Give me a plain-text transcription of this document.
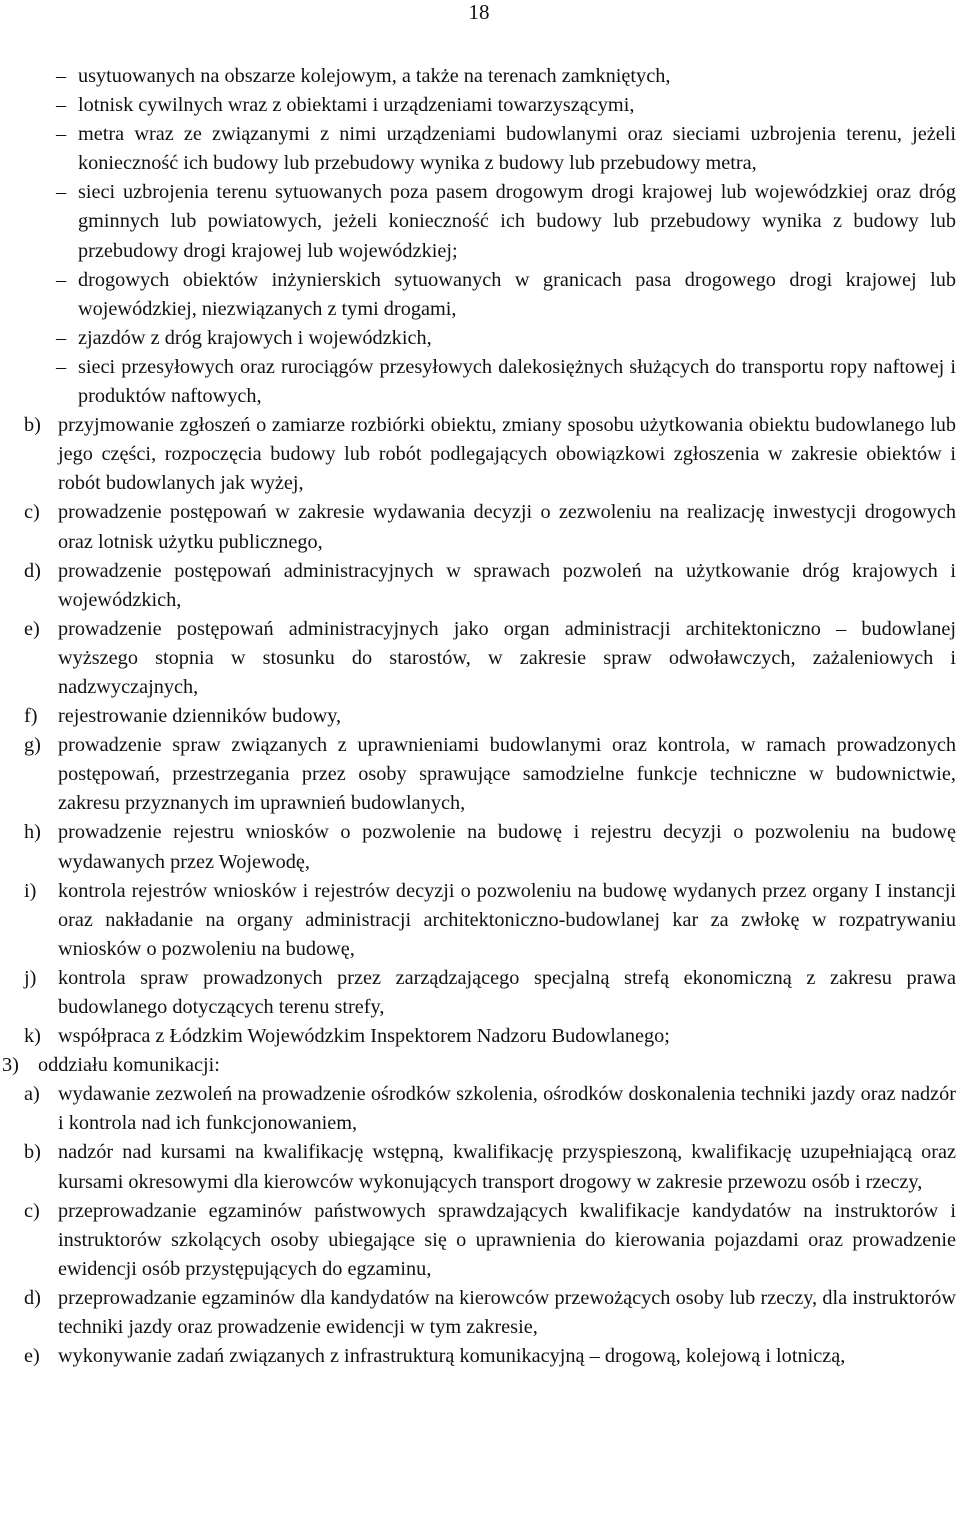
18
– usytuowanych na obszarze kolejowym, a także na terenach zamkniętych,
– lotnisk cywilnych wraz z obiektami i urządzeniami towarzyszącymi,
– metra wraz ze związanymi z nimi urządzeniami budowlanymi oraz sieciami uzbrojenia terenu, jeżeli konieczność ich budowy lub przebudowy wynika z budowy lub przebudowy metra,
– sieci uzbrojenia terenu sytuowanych poza pasem drogowym drogi krajowej lub wojewódzkiej oraz dróg gminnych lub powiatowych, jeżeli konieczność ich budowy lub przebudowy wynika z budowy lub przebudowy drogi krajowej lub wojewódzkiej;
– drogowych obiektów inżynierskich sytuowanych w granicach pasa drogowego drogi krajowej lub wojewódzkiej, niezwiązanych z tymi drogami,
– zjazdów z dróg krajowych i wojewódzkich,
– sieci przesyłowych oraz rurociągów przesyłowych dalekosiężnych służących do transportu ropy naftowej i produktów naftowych,
b) przyjmowanie zgłoszeń o zamiarze rozbiórki obiektu, zmiany sposobu użytkowania obiektu budowlanego lub jego części, rozpoczęcia budowy lub robót podlegających obowiązkowi zgłoszenia w zakresie obiektów i robót budowlanych jak wyżej,
c) prowadzenie postępowań w zakresie wydawania decyzji o zezwoleniu na realizację inwestycji drogowych oraz lotnisk użytku publicznego,
d) prowadzenie postępowań administracyjnych w sprawach pozwoleń na użytkowanie dróg krajowych i wojewódzkich,
e) prowadzenie postępowań administracyjnych jako organ administracji architektoniczno – budowlanej wyższego stopnia w stosunku do starostów, w zakresie spraw odwoławczych, zażaleniowych i nadzwyczajnych,
f) rejestrowanie dzienników budowy,
g) prowadzenie spraw związanych z uprawnieniami budowlanymi oraz kontrola, w ramach prowadzonych postępowań, przestrzegania przez osoby sprawujące samodzielne funkcje techniczne w budownictwie, zakresu przyznanych im uprawnień budowlanych,
h) prowadzenie rejestru wniosków o pozwolenie na budowę i rejestru decyzji o pozwoleniu na budowę wydawanych przez Wojewodę,
i) kontrola rejestrów wniosków i rejestrów decyzji o pozwoleniu na budowę wydanych przez organy I instancji oraz nakładanie na organy administracji architektoniczno-budowlanej kar za zwłokę w rozpatrywaniu wniosków o pozwoleniu na budowę,
j) kontrola spraw prowadzonych przez zarządzającego specjalną strefą ekonomiczną z zakresu prawa budowlanego dotyczących terenu strefy,
k) współpraca z Łódzkim Wojewódzkim Inspektorem Nadzoru Budowlanego;
3) oddziału komunikacji:
a) wydawanie zezwoleń na prowadzenie ośrodków szkolenia, ośrodków doskonalenia techniki jazdy oraz nadzór i kontrola nad ich funkcjonowaniem,
b) nadzór nad kursami na kwalifikację wstępną, kwalifikację przyspieszoną, kwalifikację uzupełniającą oraz kursami okresowymi dla kierowców wykonujących transport drogowy w zakresie przewozu osób i rzeczy,
c) przeprowadzanie egzaminów państwowych sprawdzających kwalifikacje kandydatów na instruktorów i instruktorów szkolących osoby ubiegające się o uprawnienia do kierowania pojazdami oraz prowadzenie ewidencji osób przystępujących do egzaminu,
d) przeprowadzanie egzaminów dla kandydatów na kierowców przewożących osoby lub rzeczy, dla instruktorów techniki jazdy oraz prowadzenie ewidencji w tym zakresie,
e) wykonywanie zadań związanych z infrastrukturą komunikacyjną – drogową, kolejową i lotniczą,
